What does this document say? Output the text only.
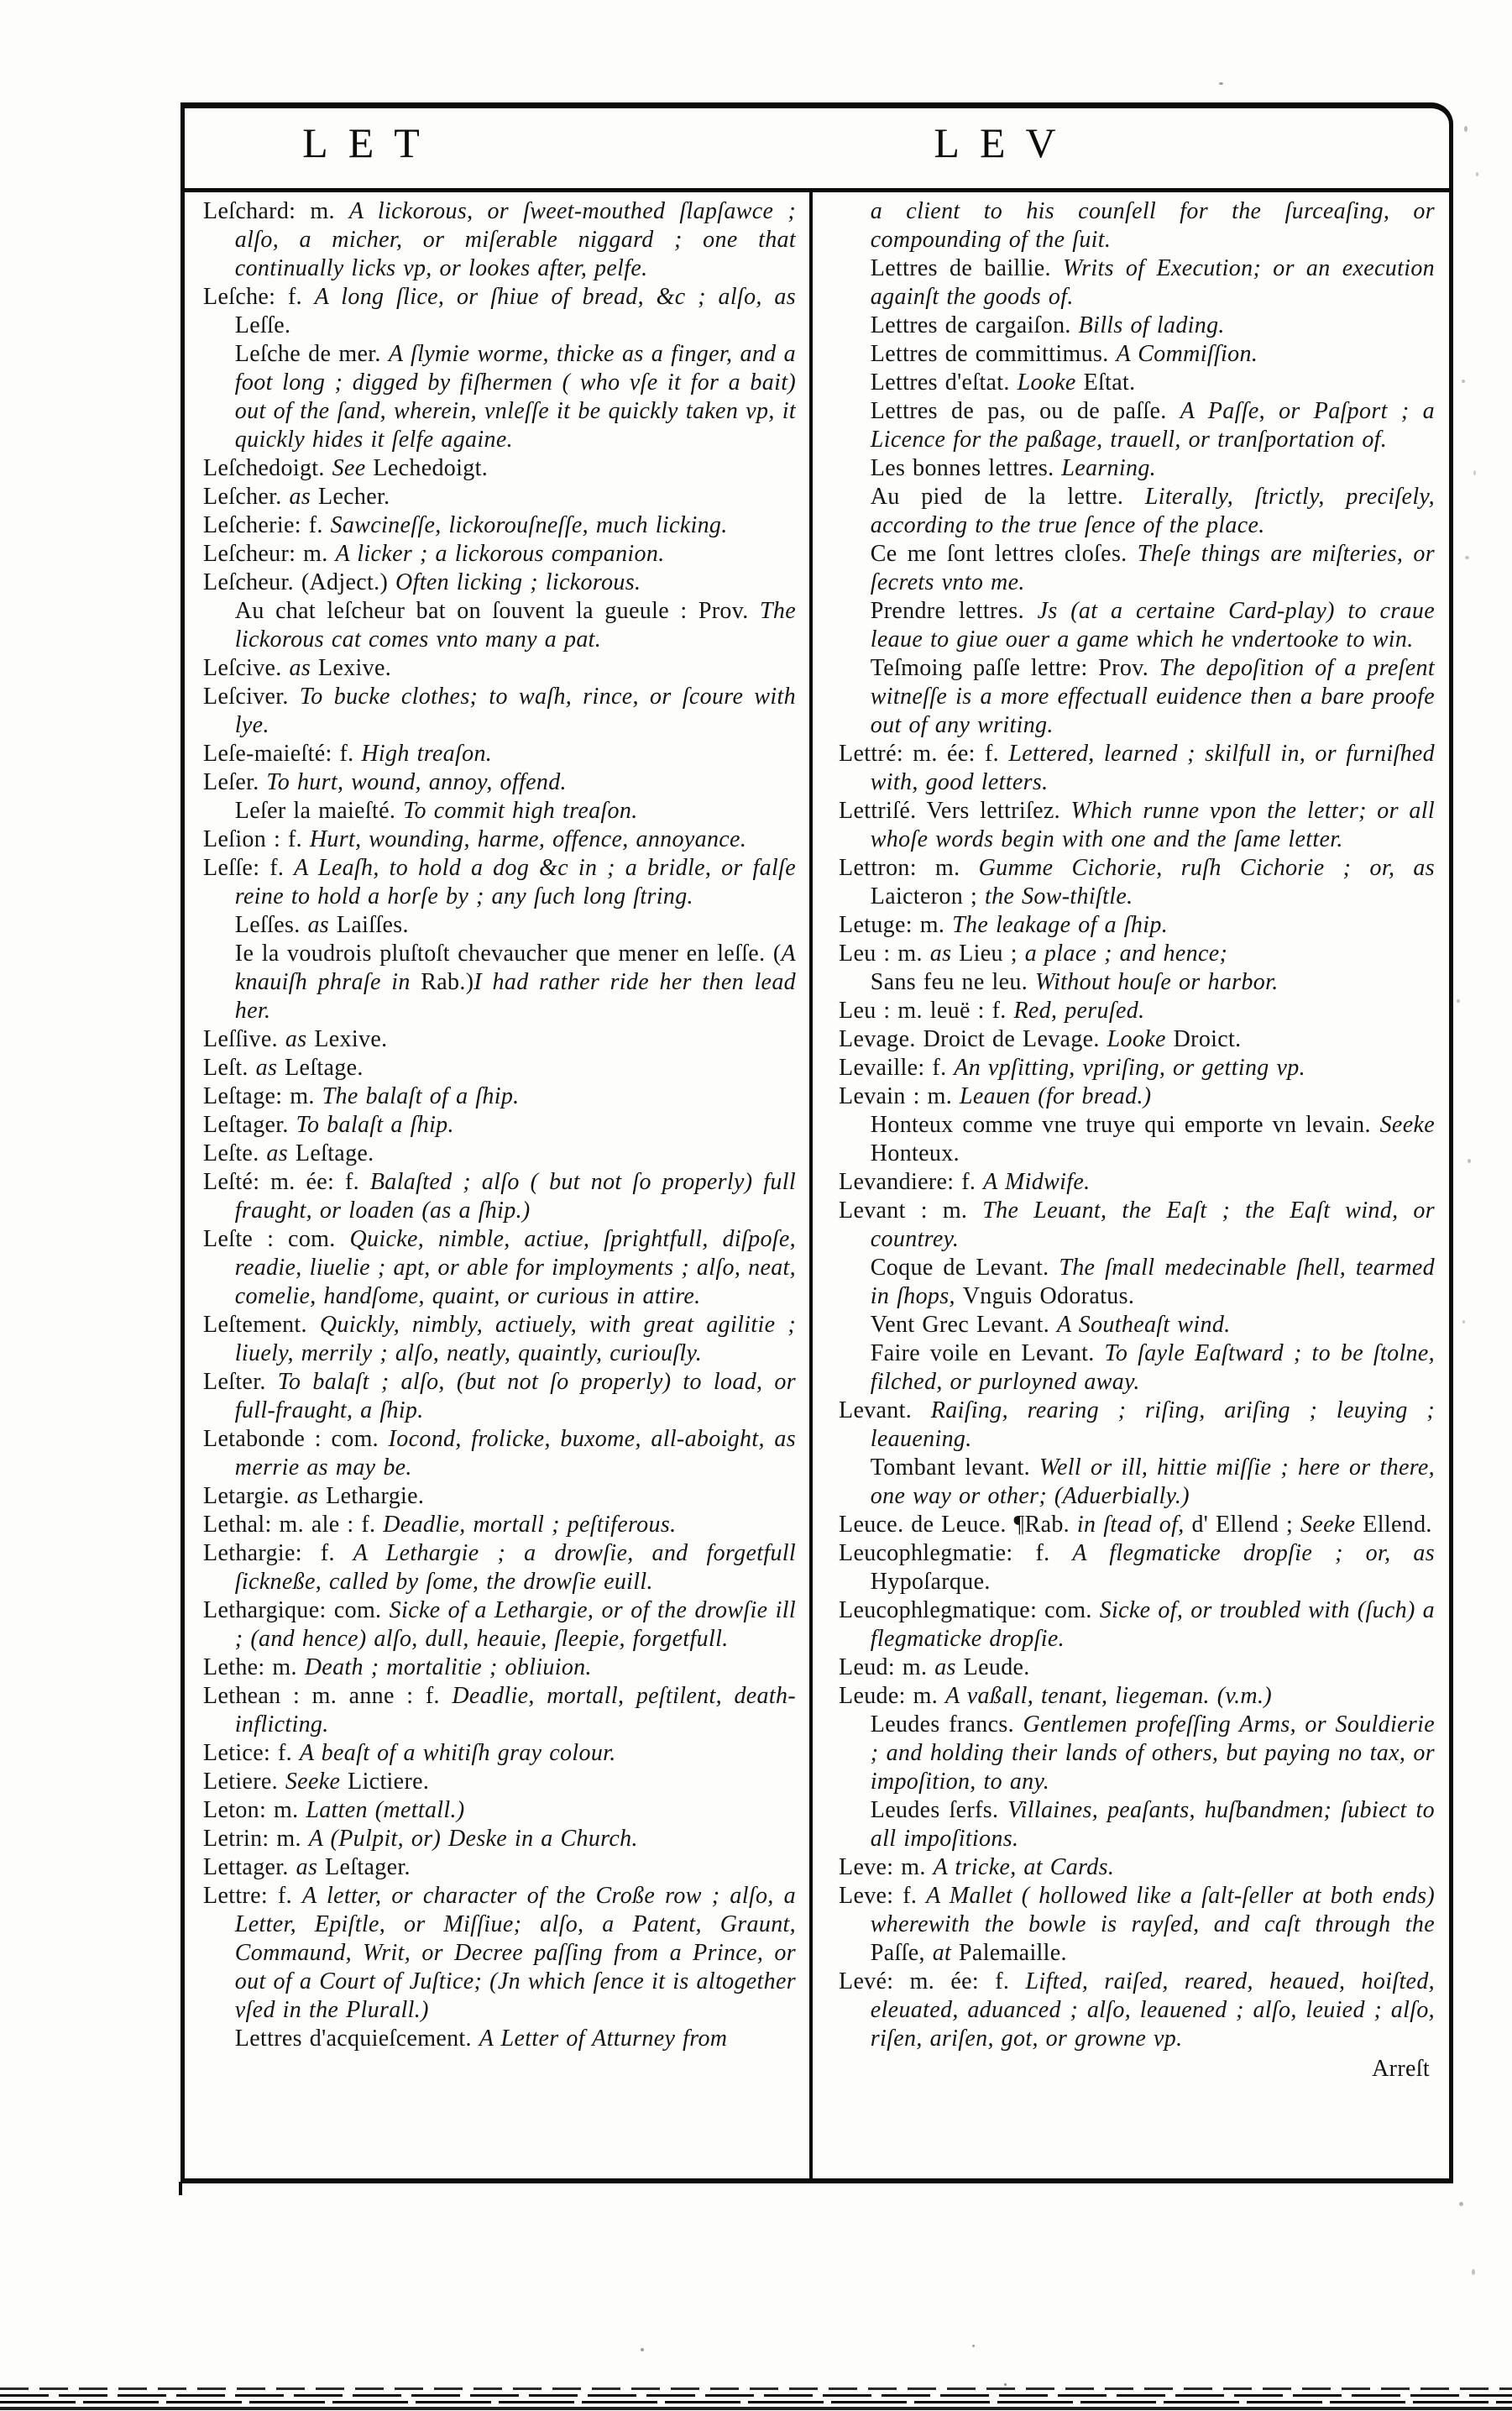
LET	LEV
Leſchard: m. A lickorous, or ſweet-mouthed ſlapſawce ; alſo, a micher, or miſerable niggard ; one that continually licks vp, or lookes after, pelfe.
Leſche: f. A long ſlice, or ſhiue of bread, &c ; alſo, as Leſſe.
Leſche de mer. A ſlymie worme, thicke as a finger, and a foot long ; digged by fiſhermen ( who vſe it for a bait) out of the ſand, wherein, vnleſſe it be quickly taken vp, it quickly hides it ſelfe againe.
Leſchedoigt. See Lechedoigt.
Leſcher. as Lecher.
Leſcherie: f. Sawcineſſe, lickorouſneſſe, much licking.
Leſcheur: m. A licker ; a lickorous companion.
Leſcheur. (Adject.) Often licking ; lickorous.
Au chat leſcheur bat on ſouvent la gueule : Prov. The lickorous cat comes vnto many a pat.
Leſcive. as Lexive.
Leſciver. To bucke clothes; to waſh, rince, or ſcoure with lye.
Leſe-maieſté: f. High treaſon.
Leſer. To hurt, wound, annoy, offend.
Leſer la maieſté. To commit high treaſon.
Leſion : f. Hurt, wounding, harme, offence, annoyance.
Leſſe: f. A Leaſh, to hold a dog &c in ; a bridle, or falſe reine to hold a horſe by ; any ſuch long ſtring.
Leſſes. as Laiſſes.
Ie la voudrois pluſtoſt chevaucher que mener en leſſe. (A knauiſh phraſe in Rab.)I had rather ride her then lead her.
Leſſive. as Lexive.
Leſt. as Leſtage.
Leſtage: m. The balaſt of a ſhip.
Leſtager. To balaſt a ſhip.
Leſte. as Leſtage.
Leſté: m. ée: f. Balaſted ; alſo ( but not ſo properly) full fraught, or loaden (as a ſhip.)
Leſte : com. Quicke, nimble, actiue, ſprightfull, diſpoſe, readie, liuelie ; apt, or able for imployments ; alſo, neat, comelie, handſome, quaint, or curious in attire.
Leſtement. Quickly, nimbly, actiuely, with great agilitie ; liuely, merrily ; alſo, neatly, quaintly, curiouſly.
Leſter. To balaſt ; alſo, (but not ſo properly) to load, or full-fraught, a ſhip.
Letabonde : com. Iocond, frolicke, buxome, all-aboight, as merrie as may be.
Letargie. as Lethargie.
Lethal: m. ale : f. Deadlie, mortall ; peſtiferous.
Lethargie: f. A Lethargie ; a drowſie, and forgetfull ſickneße, called by ſome, the drowſie euill.
Lethargique: com. Sicke of a Lethargie, or of the drowſie ill ; (and hence) alſo, dull, heauie, ſleepie, forgetfull.
Lethe: m. Death ; mortalitie ; obliuion.
Lethean : m. anne : f. Deadlie, mortall, peſtilent, death-inflicting.
Letice: f. A beaſt of a whitiſh gray colour.
Letiere. Seeke Lictiere.
Leton: m. Latten (mettall.)
Letrin: m. A (Pulpit, or) Deske in a Church.
Lettager. as Leſtager.
Lettre: f. A letter, or character of the Croße row ; alſo, a Letter, Epiſtle, or Miſſiue; alſo, a Patent, Graunt, Commaund, Writ, or Decree paſſing from a Prince, or out of a Court of Juſtice; (Jn which ſence it is altogether vſed in the Plurall.)
Lettres d'acquieſcement. A Letter of Atturney from
a client to his counſell for the ſurceaſing, or compounding of the ſuit.
Lettres de baillie. Writs of Execution; or an execution againſt the goods of.
Lettres de cargaiſon. Bills of lading.
Lettres de committimus. A Commiſſion.
Lettres d'eſtat. Looke Eſtat.
Lettres de pas, ou de paſſe. A Paſſe, or Paſport ; a Licence for the paßage, trauell, or tranſportation of.
Les bonnes lettres. Learning.
Au pied de la lettre. Literally, ſtrictly, preciſely, according to the true ſence of the place.
Ce me ſont lettres cloſes. Theſe things are miſteries, or ſecrets vnto me.
Prendre lettres. Js (at a certaine Card-play) to craue leaue to giue ouer a game which he vndertooke to win.
Teſmoing paſſe lettre: Prov. The depoſition of a preſent witneſſe is a more effectuall euidence then a bare proofe out of any writing.
Lettré: m. ée: f. Lettered, learned ; skilfull in, or furniſhed with, good letters.
Lettriſé. Vers lettriſez. Which runne vpon the letter; or all whoſe words begin with one and the ſame letter.
Lettron: m. Gumme Cichorie, ruſh Cichorie ; or, as Laicteron ; the Sow-thiſtle.
Letuge: m. The leakage of a ſhip.
Leu : m. as Lieu ; a place ; and hence;
Sans feu ne leu. Without houſe or harbor.
Leu : m. leuë : f. Red, peruſed.
Levage. Droict de Levage. Looke Droict.
Levaille: f. An vpſitting, vpriſing, or getting vp.
Levain : m. Leauen (for bread.)
Honteux comme vne truye qui emporte vn levain. Seeke Honteux.
Levandiere: f. A Midwife.
Levant : m. The Leuant, the Eaſt ; the Eaſt wind, or countrey.
Coque de Levant. The ſmall medecinable ſhell, tearmed in ſhops, Vnguis Odoratus.
Vent Grec Levant. A Southeaſt wind.
Faire voile en Levant. To ſayle Eaſtward ; to be ſtolne, filched, or purloyned away.
Levant. Raiſing, rearing ; riſing, ariſing ; leuying ; leauening.
Tombant levant. Well or ill, hittie miſſie ; here or there, one way or other; (Aduerbially.)
Leuce. de Leuce. ¶Rab. in ſtead of, d' Ellend ; Seeke Ellend.
Leucophlegmatie: f. A flegmaticke dropſie ; or, as Hypoſarque.
Leucophlegmatique: com. Sicke of, or troubled with (ſuch) a flegmaticke dropſie.
Leud: m. as Leude.
Leude: m. A vaßall, tenant, liegeman. (v.m.)
Leudes francs. Gentlemen profeſſing Arms, or Souldierie ; and holding their lands of others, but paying no tax, or impoſition, to any.
Leudes ſerfs. Villaines, peaſants, huſbandmen; ſubiect to all impoſitions.
Leve: m. A tricke, at Cards.
Leve: f. A Mallet ( hollowed like a ſalt-ſeller at both ends) wherewith the bowle is rayſed, and caſt through the Paſſe, at Palemaille.
Levé: m. ée: f. Lifted, raiſed, reared, heaued, hoiſted, eleuated, aduanced ; alſo, leauened ; alſo, leuied ; alſo, riſen, ariſen, got, or growne vp.
Arreſt
